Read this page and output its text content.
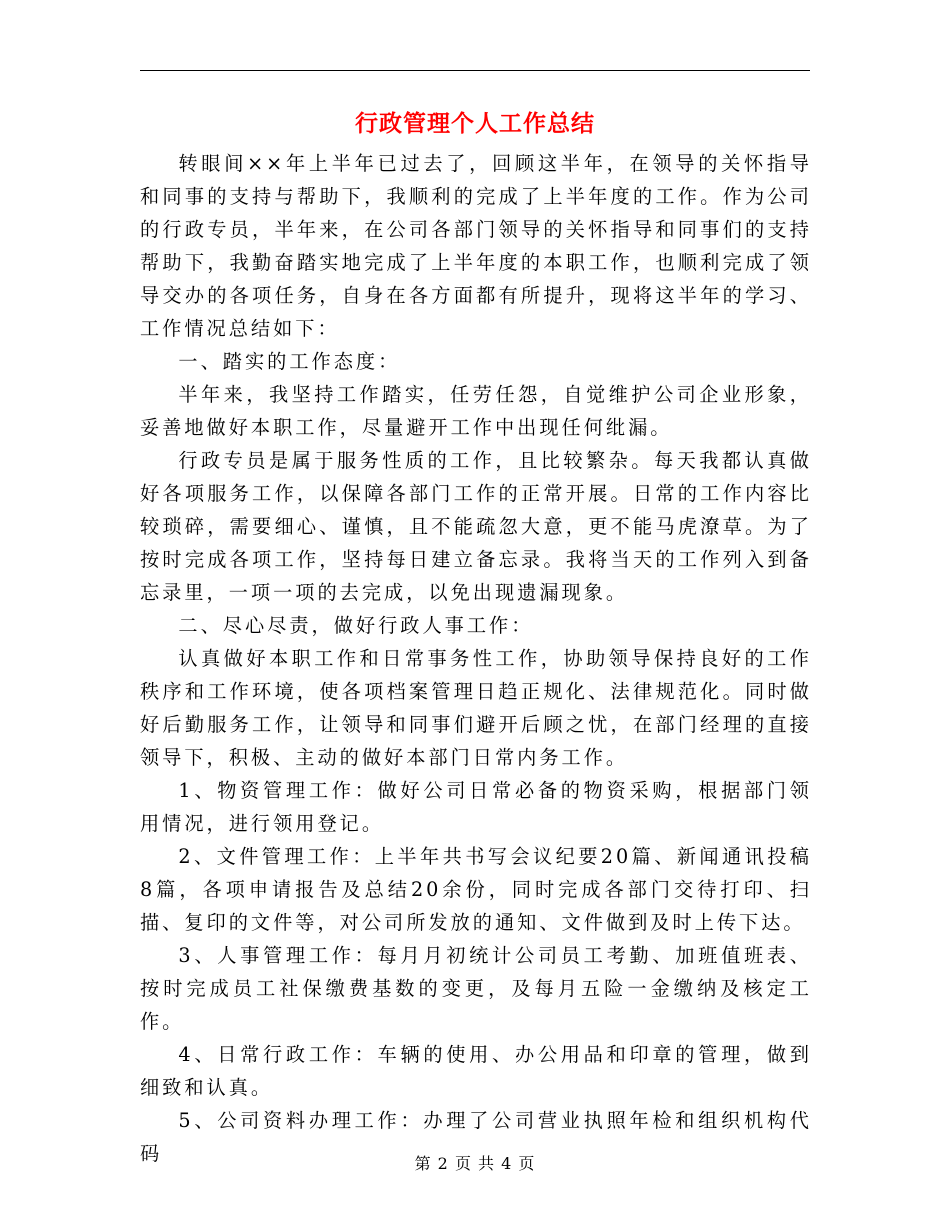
行政管理个人工作总结

转眼间××年上半年已过去了，回顾这半年，在领导的关怀指导和同事的支持与帮助下，我顺利的完成了上半年度的工作。作为公司的行政专员，半年来，在公司各部门领导的关怀指导和同事们的支持帮助下，我勤奋踏实地完成了上半年度的本职工作，也顺利完成了领导交办的各项任务，自身在各方面都有所提升，现将这半年的学习、工作情况总结如下：

一、踏实的工作态度：

半年来，我坚持工作踏实，任劳任怨，自觉维护公司企业形象，妥善地做好本职工作，尽量避开工作中出现任何纰漏。

行政专员是属于服务性质的工作，且比较繁杂。每天我都认真做好各项服务工作，以保障各部门工作的正常开展。日常的工作内容比较琐碎，需要细心、谨慎，且不能疏忽大意，更不能马虎潦草。为了按时完成各项工作，坚持每日建立备忘录。我将当天的工作列入到备忘录里，一项一项的去完成，以免出现遗漏现象。

二、尽心尽责，做好行政人事工作：

认真做好本职工作和日常事务性工作，协助领导保持良好的工作秩序和工作环境，使各项档案管理日趋正规化、法律规范化。同时做好后勤服务工作，让领导和同事们避开后顾之忧，在部门经理的直接领导下，积极、主动的做好本部门日常内务工作。

1、物资管理工作：做好公司日常必备的物资采购，根据部门领用情况，进行领用登记。

2、文件管理工作：上半年共书写会议纪要20篇、新闻通讯投稿8篇，各项申请报告及总结20余份，同时完成各部门交待打印、扫描、复印的文件等，对公司所发放的通知、文件做到及时上传下达。

3、人事管理工作：每月月初统计公司员工考勤、加班值班表、按时完成员工社保缴费基数的变更，及每月五险一金缴纳及核定工作。

4、日常行政工作：车辆的使用、办公用品和印章的管理，做到细致和认真。

5、公司资料办理工作：办理了公司营业执照年检和组织机构代码	第 2 页 共 4 页
